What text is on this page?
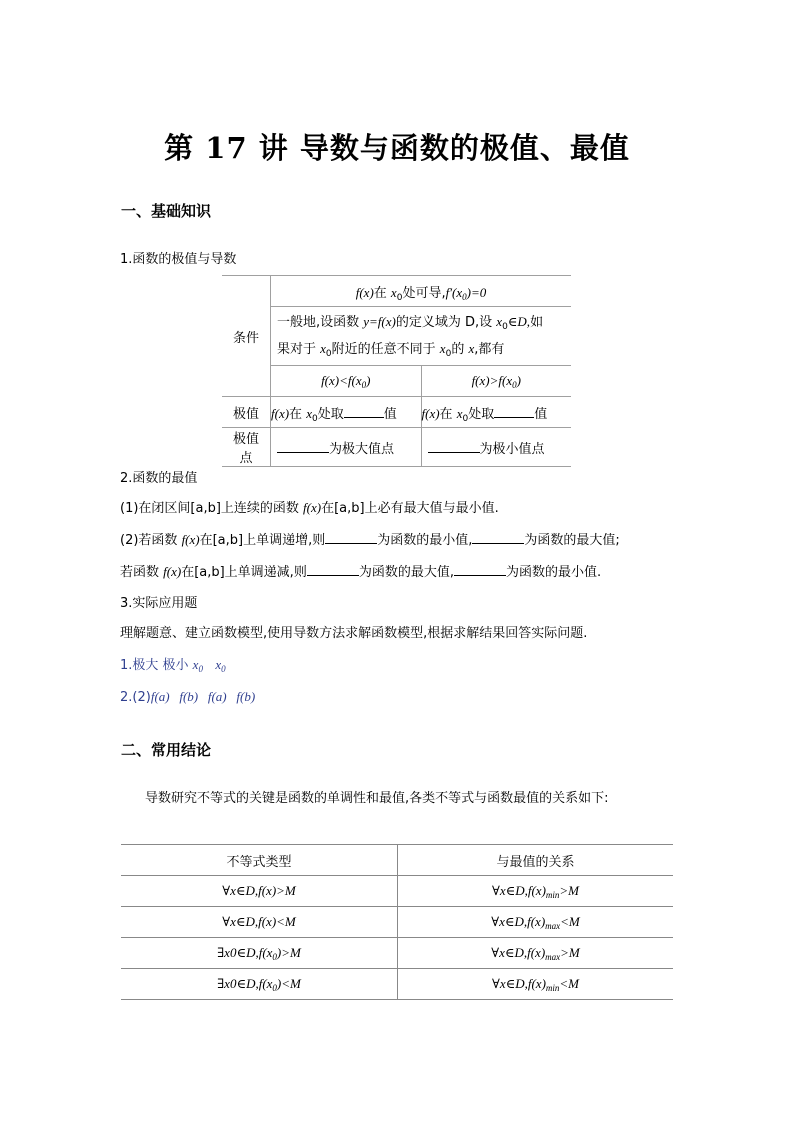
第 17 讲 导数与函数的极值、最值
一、基础知识
1.函数的极值与导数
条件	f(x)在 $x_0$处可导$,f'(x_0)=0$	
	一般地,设函数 y=f(x)的定义域为 D,设 $x_0\in D$,如
果对于 $x_0$附近的任意不同于 $x_0$的 x,都有	
	$f(x)<f(x_0)$	$f(x)>f(x_0)$
极值	f(x)在 $x_0$处取 值	f(x)在 $x_0$处取 值
极值点	为极大值点	为极小值点
2.函数的最值
(1)在闭区间[a,b]上连续的函数 f(x)在[a,b]上必有最大值与最小值.
(2)若函数 f(x)在[a,b]上单调递增,则	为函数的最小值,	为函数的最大值;
若函数 f(x)在[a,b]上单调递减,则	为函数的最大值,	为函数的最小值.
3.实际应用题
理解题意、建立函数模型,使用导数方法求解函数模型,根据求解结果回答实际问题.
1.极大 极小 $x_0$ $x_0$
2.(2)f(a)   f(b)   f(a)   f(b)
二、常用结论
导数研究不等式的关键是函数的单调性和最值,各类不等式与函数最值的关系如下:
不等式类型	与最值的关系
∀x∈D,f(x)>M	$\forall x\in D,f(x)_{min}>M$
∀x∈D,f(x)<M	$\forall x\in D,f(x)_{max}<M$
$\exists x0\in D,f(x_0)>M$	$\forall x\in D,f(x)_{max}>M$
$\exists x0\in D,f(x_0)<M$	$\forall x\in D,f(x)_{min}<M$
